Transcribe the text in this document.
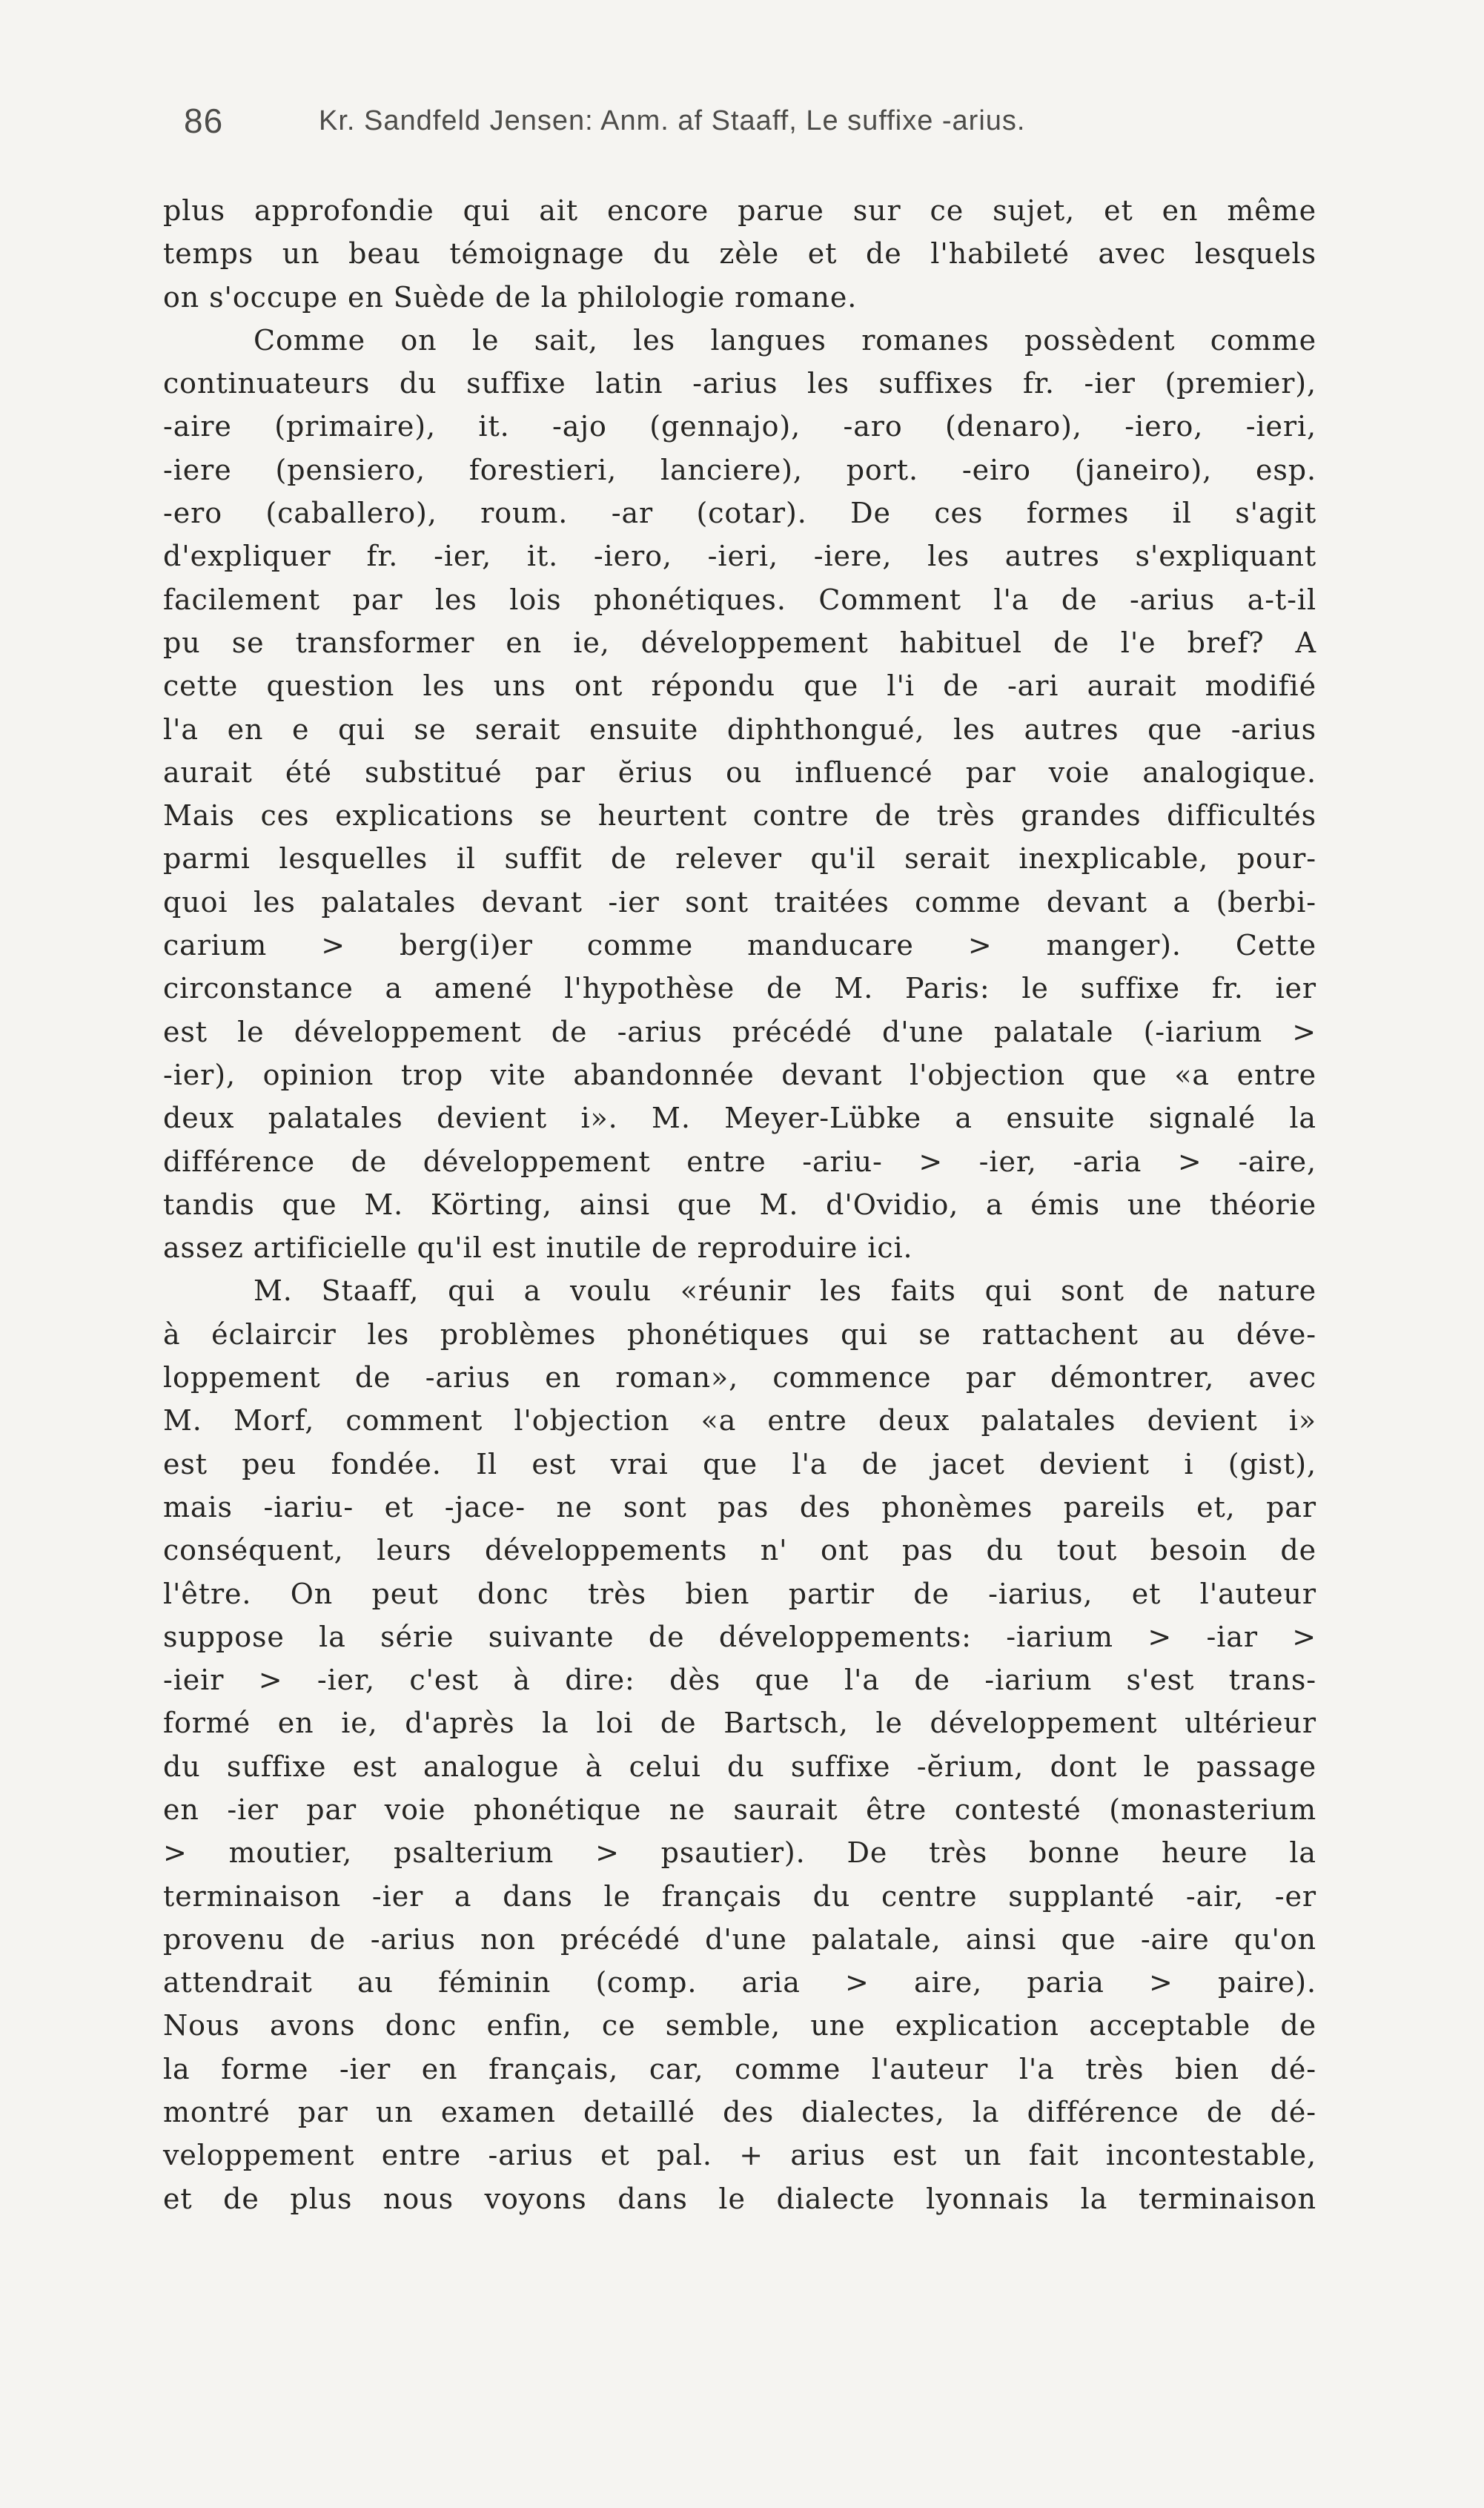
86	Kr. Sandfeld Jensen: Anm. af Staaff, Le suffixe -arius.
plus approfondie qui ait encore parue sur ce sujet, et en même
temps un beau témoignage du zèle et de l'habileté avec lesquels
on s'occupe en Suède de la philologie romane.
Comme on le sait, les langues romanes possèdent comme
continuateurs du suffixe latin -arius les suffixes fr. -ier (premier),
-aire (primaire), it. -ajo (gennajo), -aro (denaro), -iero, -ieri,
-iere (pensiero, forestieri, lanciere), port. -eiro (janeiro), esp.
-ero (caballero), roum. -ar (cotar). De ces formes il s'agit
d'expliquer fr. -ier, it. -iero, -ieri, -iere, les autres s'expliquant
facilement par les lois phonétiques. Comment l'a de -arius a-t-il
pu se transformer en ie, développement habituel de l'e bref? A
cette question les uns ont répondu que l'i de -ari aurait modifié
l'a en e qui se serait ensuite diphthongué, les autres que -arius
aurait été substitué par ĕrius ou influencé par voie analogique.
Mais ces explications se heurtent contre de très grandes difficultés
parmi lesquelles il suffit de relever qu'il serait inexplicable, pour-
quoi les palatales devant -ier sont traitées comme devant a (berbi-
carium > berg(i)er comme manducare > manger). Cette
circonstance a amené l'hypothèse de M. Paris: le suffixe fr. ier
est le développement de -arius précédé d'une palatale (-iarium >
-ier), opinion trop vite abandonnée devant l'objection que «a entre
deux palatales devient i». M. Meyer-Lübke a ensuite signalé la
différence de développement entre -ariu- > -ier, -aria > -aire,
tandis que M. Körting, ainsi que M. d'Ovidio, a émis une théorie
assez artificielle qu'il est inutile de reproduire ici.
M. Staaff, qui a voulu «réunir les faits qui sont de nature
à éclaircir les problèmes phonétiques qui se rattachent au déve-
loppement de -arius en roman», commence par démontrer, avec
M. Morf, comment l'objection «a entre deux palatales devient i»
est peu fondée. Il est vrai que l'a de jacet devient i (gist),
mais -iariu- et -jace- ne sont pas des phonèmes pareils et, par
conséquent, leurs développements n' ont pas du tout besoin de
l'être. On peut donc très bien partir de -iarius, et l'auteur
suppose la série suivante de développements: -iarium > -iar >
-ieir > -ier, c'est à dire: dès que l'a de -iarium s'est trans-
formé en ie, d'après la loi de Bartsch, le développement ultérieur
du suffixe est analogue à celui du suffixe -ĕrium, dont le passage
en -ier par voie phonétique ne saurait être contesté (monasterium
> moutier, psalterium > psautier). De très bonne heure la
terminaison -ier a dans le français du centre supplanté -air, -er
provenu de -arius non précédé d'une palatale, ainsi que -aire qu'on
attendrait au féminin (comp. aria > aire, paria > paire).
Nous avons donc enfin, ce semble, une explication acceptable de
la forme -ier en français, car, comme l'auteur l'a très bien dé-
montré par un examen detaillé des dialectes, la différence de dé-
veloppement entre -arius et pal. + arius est un fait incontestable,
et de plus nous voyons dans le dialecte lyonnais la terminaison
